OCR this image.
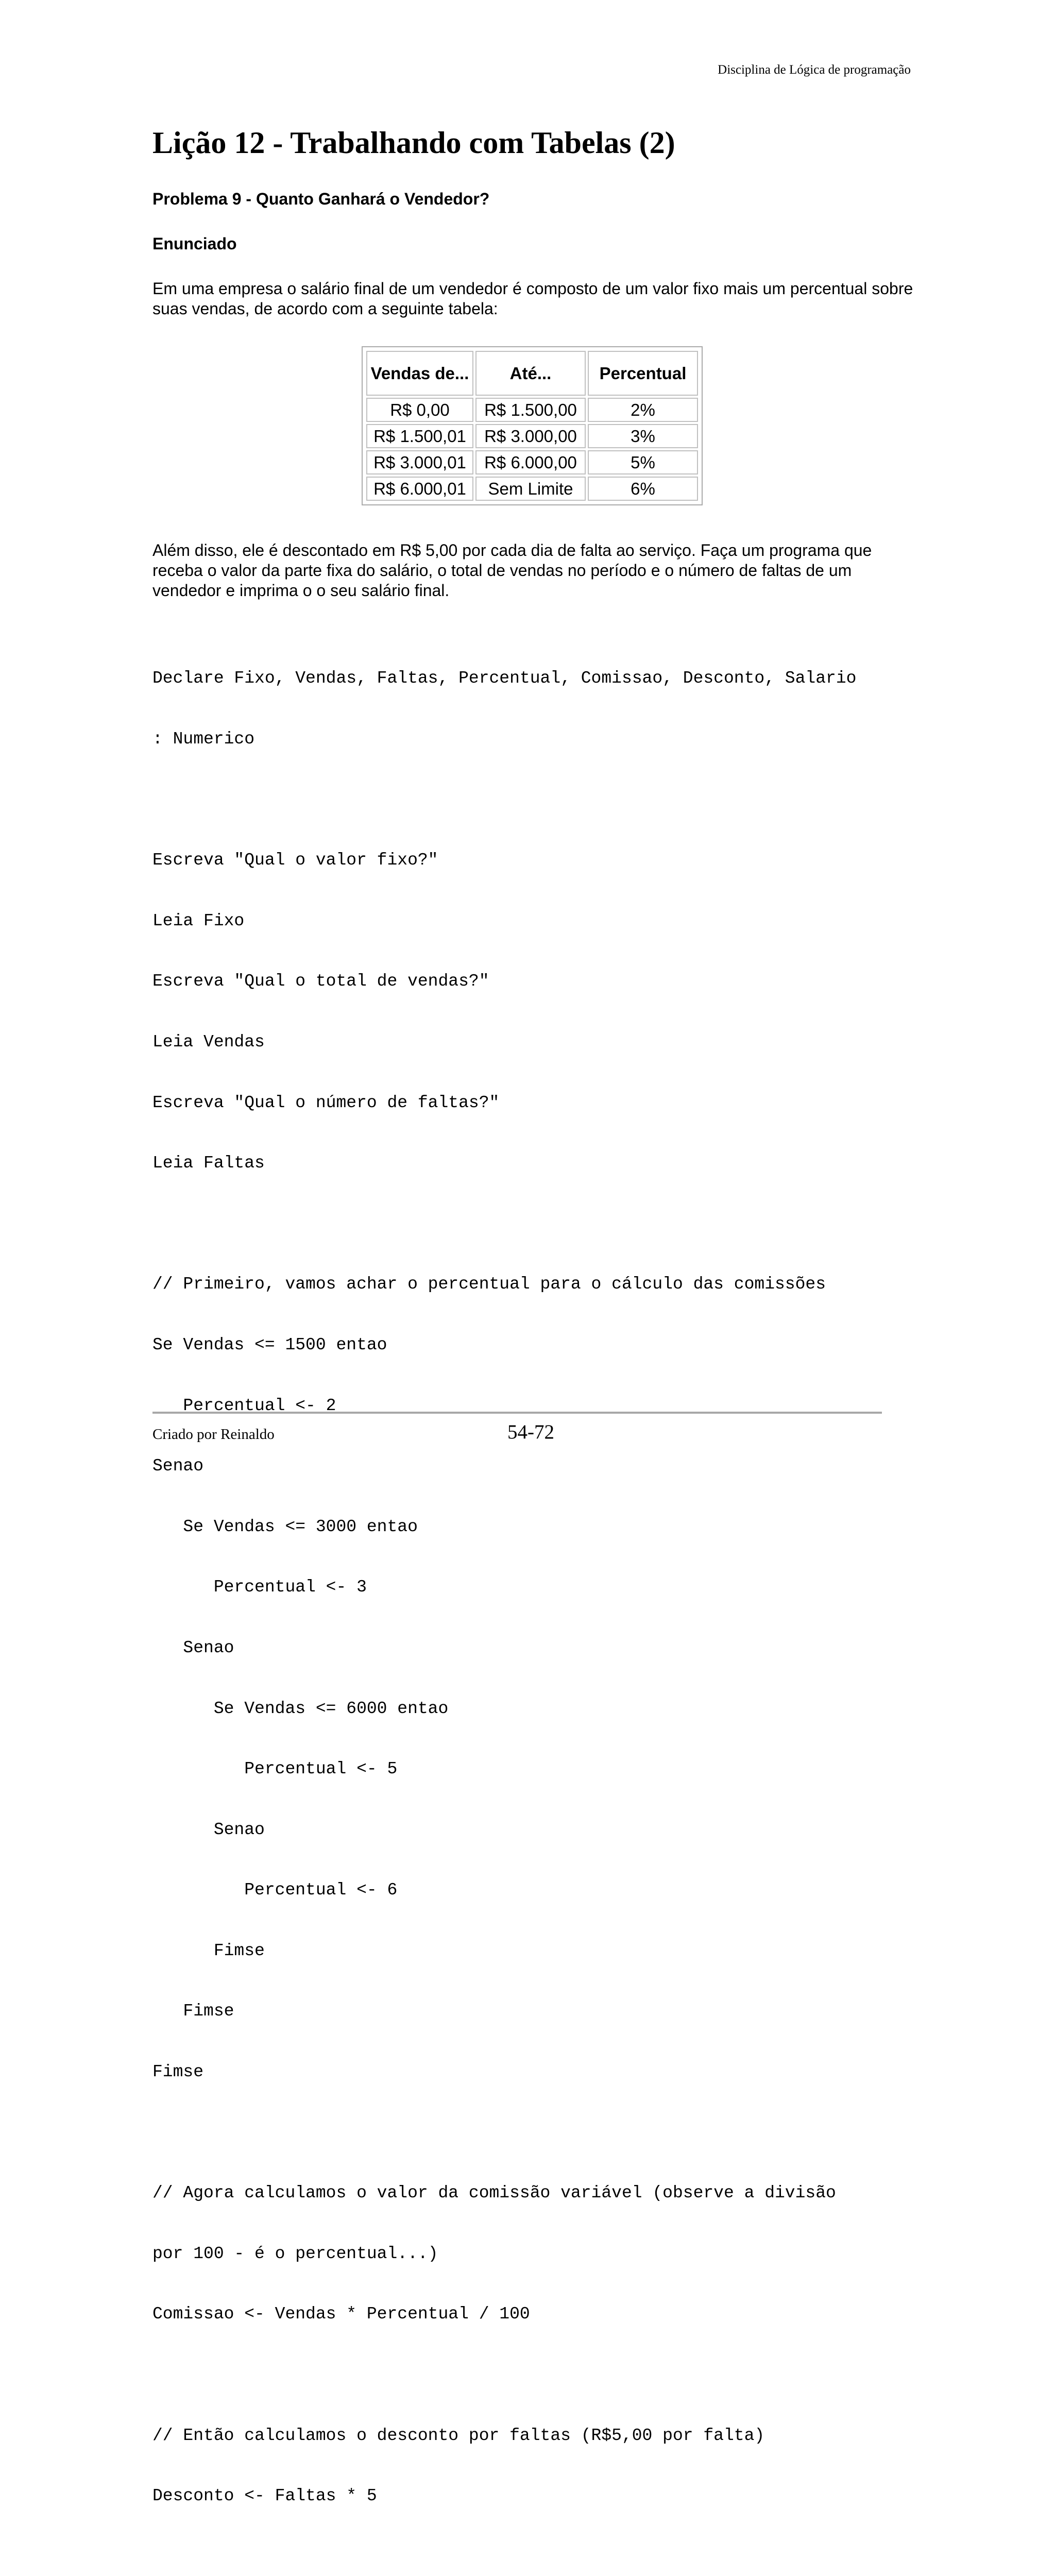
Disciplina de Lógica de programação
Lição 12 - Trabalhando com Tabelas (2)
Problema 9 - Quanto Ganhará o Vendedor?
Enunciado

Em uma empresa o salário final de um vendedor é composto de um valor fixo mais um percentual sobre suas vendas, de acordo com a seguinte tabela:

Vendas de...	Até...	Percentual
R$ 0,00	R$ 1.500,00	2%
R$ 1.500,01	R$ 3.000,00	3%
R$ 3.000,01	R$ 6.000,00	5%
R$ 6.000,01	Sem Limite	6%

Além disso, ele é descontado em R$ 5,00 por cada dia de falta ao serviço. Faça um programa que receba o valor da parte fixa do salário, o total de vendas no período e o número de faltas de um vendedor e imprima o o seu salário final.

Declare Fixo, Vendas, Faltas, Percentual, Comissao, Desconto, Salario

: Numerico

Escreva "Qual o valor fixo?"

Leia Fixo

Escreva "Qual o total de vendas?"

Leia Vendas

Escreva "Qual o número de faltas?"

Leia Faltas

// Primeiro, vamos achar o percentual para o cálculo das comissões

Se Vendas <= 1500 entao

Percentual <- 2

Senao

Se Vendas <= 3000 entao

Percentual <- 3

Senao

Se Vendas <= 6000 entao

Percentual <- 5

Senao

Percentual <- 6

Fimse

Fimse

Fimse

// Agora calculamos o valor da comissão variável (observe a divisão

por 100 - é o percentual...)

Comissao <- Vendas * Percentual / 100

// Então calculamos o desconto por faltas (R$5,00 por falta)

Desconto <- Faltas * 5

Criado por Reinaldo	54-72
